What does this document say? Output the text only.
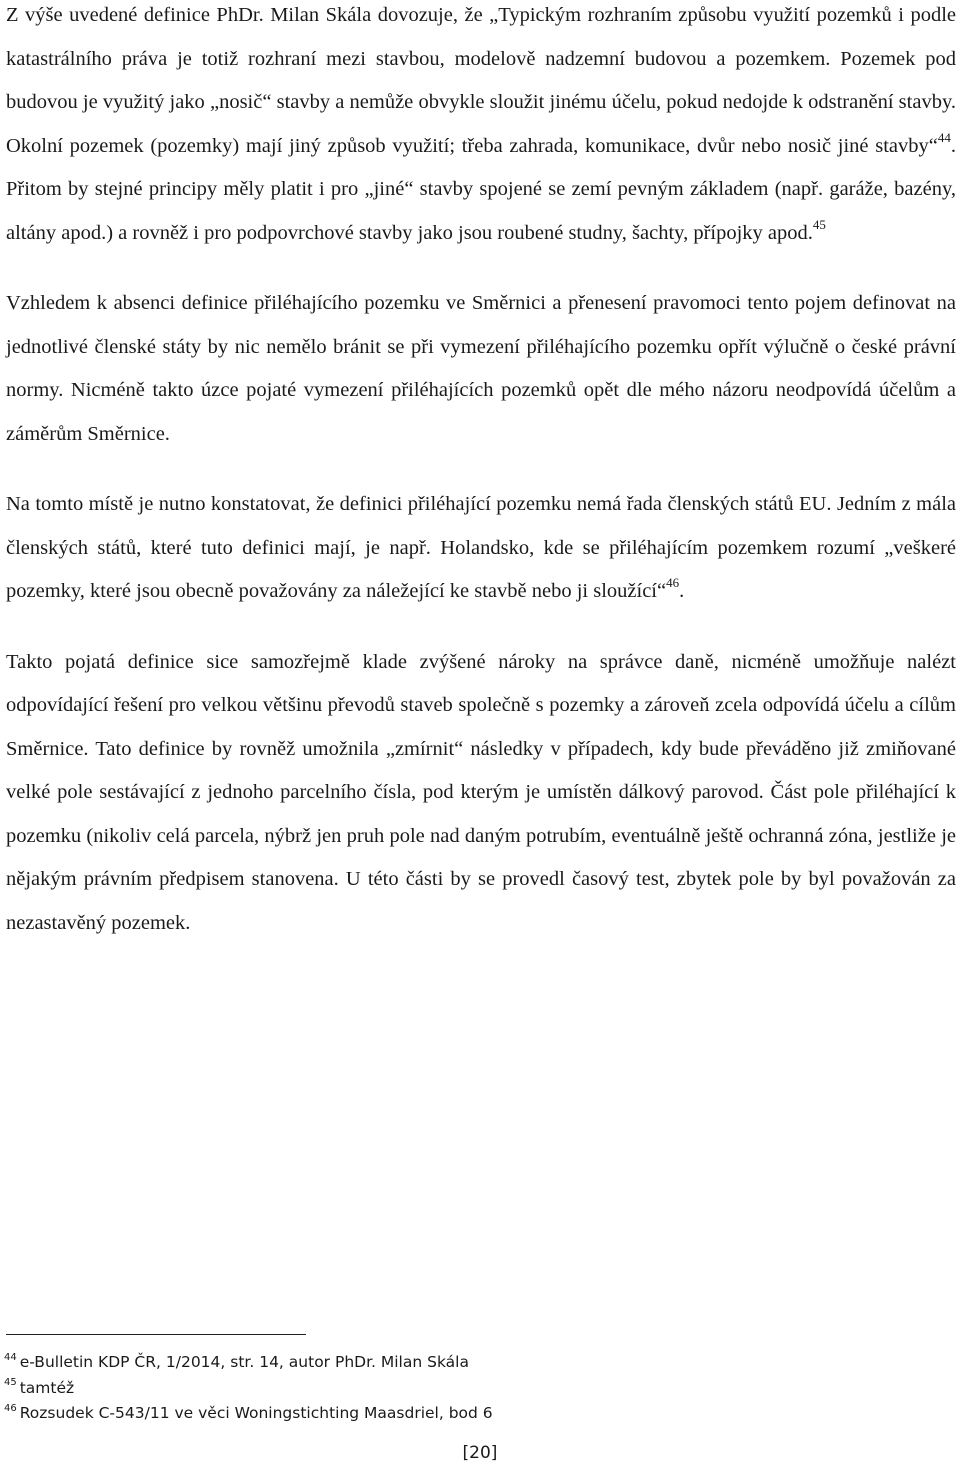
Z výše uvedené definice PhDr. Milan Skála dovozuje, že „Typickým rozhraním způsobu využití pozemků i podle katastrálního práva je totiž rozhraní mezi stavbou, modelově nadzemní budovou a pozemkem. Pozemek pod budovou je využitý jako „nosič“ stavby a nemůže obvykle sloužit jinému účelu, pokud nedojde k odstranění stavby. Okolní pozemek (pozemky) mají jiný způsob využití; třeba zahrada, komunikace, dvůr nebo nosič jiné stavby“$^{44}$. Přitom by stejné principy měly platit i pro „jiné“ stavby spojené se zemí pevným základem (např. garáže, bazény, altány apod.) a rovněž i pro podpovrchové stavby jako jsou roubené studny, šachty, přípojky apod.$^{45}$

Vzhledem k absenci definice přiléhajícího pozemku ve Směrnici a přenesení pravomoci tento pojem definovat na jednotlivé členské státy by nic nemělo bránit se při vymezení přiléhajícího pozemku opřít výlučně o české právní normy. Nicméně takto úzce pojaté vymezení přiléhajících pozemků opět dle mého názoru neodpovídá účelům a záměrům Směrnice.

Na tomto místě je nutno konstatovat, že definici přiléhající pozemku nemá řada členských států EU. Jedním z mála členských států, které tuto definici mají, je např. Holandsko, kde se přiléhajícím pozemkem rozumí „veškeré pozemky, které jsou obecně považovány za náležející ke stavbě nebo ji sloužící“$^{46}$.

Takto pojatá definice sice samozřejmě klade zvýšené nároky na správce daně, nicméně umožňuje nalézt odpovídající řešení pro velkou většinu převodů staveb společně s pozemky a zároveň zcela odpovídá účelu a cílům Směrnice. Tato definice by rovněž umožnila „zmírnit“ následky v případech, kdy bude převáděno již zmiňované velké pole sestávající z jednoho parcelního čísla, pod kterým je umístěn dálkový parovod. Část pole přiléhající k pozemku (nikoliv celá parcela, nýbrž jen pruh pole nad daným potrubím, eventuálně ještě ochranná zóna, jestliže je nějakým právním předpisem stanovena. U této části by se provedl časový test, zbytek pole by byl považován za nezastavěný pozemek.

$^{44}$ e-Bulletin KDP ČR, 1/2014, str. 14, autor PhDr. Milan Skála
$^{45}$ tamtéž
$^{46}$ Rozsudek C-543/11 ve věci Woningstichting Maasdriel, bod 6
[20]
